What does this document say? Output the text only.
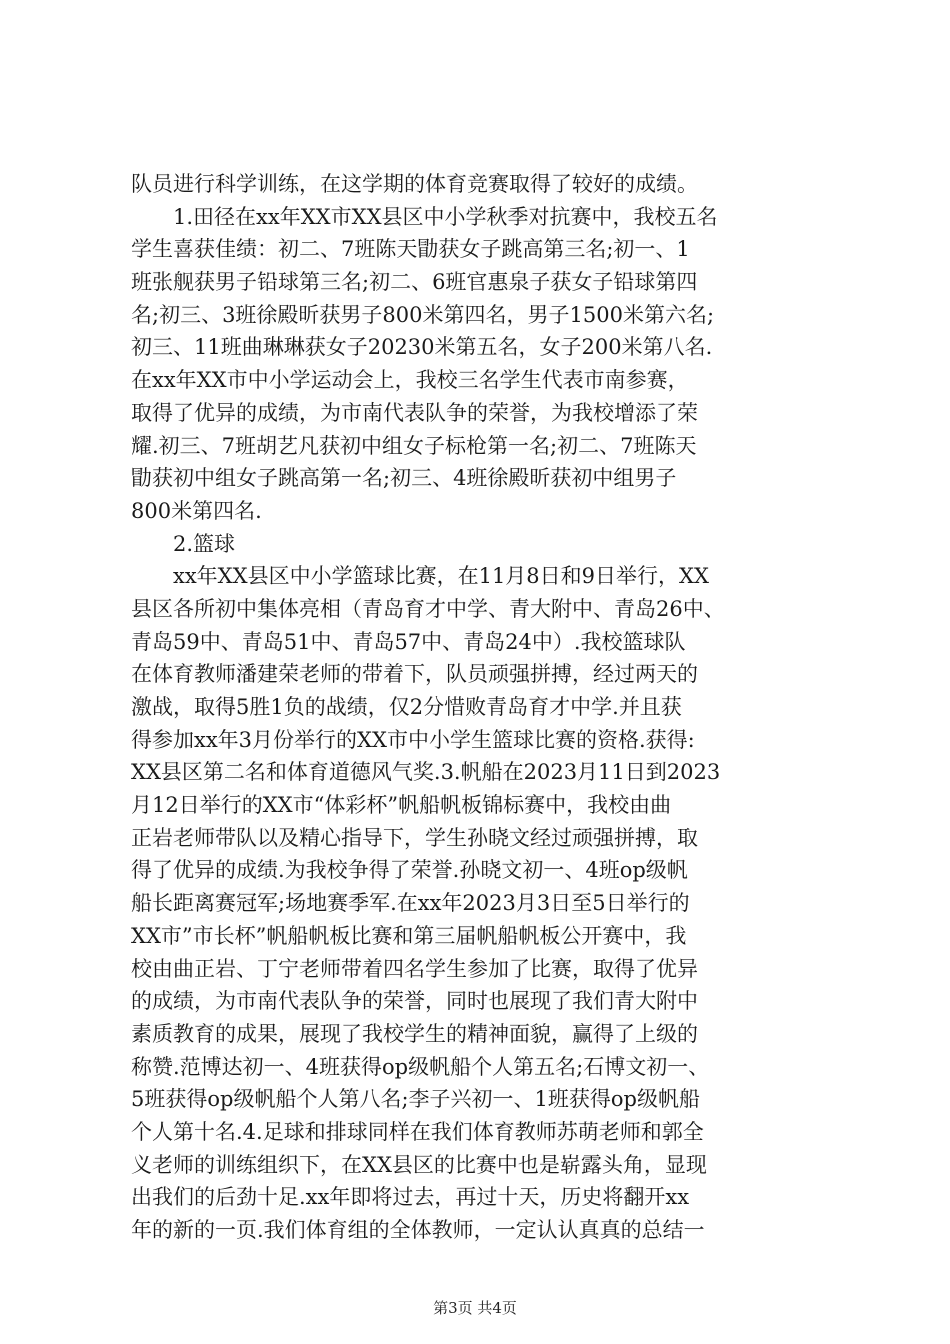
队员进行科学训练，在这学期的体育竞赛取得了较好的成绩。
　　1.田径在xx年XX市XX县区中小学秋季对抗赛中，我校五名
学生喜获佳绩：初二、7班陈天勖获女子跳高第三名;初一、1
班张舰获男子铅球第三名;初二、6班官惠泉子获女子铅球第四
名;初三、3班徐殿昕获男子800米第四名，男子1500米第六名;
初三、11班曲琳琳获女子20230米第五名，女子200米第八名.
在xx年XX市中小学运动会上，我校三名学生代表市南参赛，
取得了优异的成绩，为市南代表队争的荣誉，为我校增添了荣
耀.初三、7班胡艺凡获初中组女子标枪第一名;初二、7班陈天
勖获初中组女子跳高第一名;初三、4班徐殿昕获初中组男子
800米第四名.
　　2.篮球
　　xx年XX县区中小学篮球比赛，在11月8日和9日举行，XX
县区各所初中集体亮相（青岛育才中学、青大附中、青岛26中、
青岛59中、青岛51中、青岛57中、青岛24中）.我校篮球队
在体育教师潘建荣老师的带着下，队员顽强拼搏，经过两天的
激战，取得5胜1负的战绩，仅2分惜败青岛育才中学.并且获
得参加xx年3月份举行的XX市中小学生篮球比赛的资格.获得:
XX县区第二名和体育道德风气奖.3.帆船在2023月11日到2023
月12日举行的XX市“体彩杯”帆船帆板锦标赛中，我校由曲
正岩老师带队以及精心指导下，学生孙晓文经过顽强拼搏，取
得了优异的成绩.为我校争得了荣誉.孙晓文初一、4班op级帆
船长距离赛冠军;场地赛季军.在xx年2023月3日至5日举行的
XX市”市长杯”帆船帆板比赛和第三届帆船帆板公开赛中，我
校由曲正岩、丁宁老师带着四名学生参加了比赛，取得了优异
的成绩，为市南代表队争的荣誉，同时也展现了我们青大附中
素质教育的成果，展现了我校学生的精神面貌，赢得了上级的
称赞.范博达初一、4班获得op级帆船个人第五名;石博文初一、
5班获得op级帆船个人第八名;李子兴初一、1班获得op级帆船
个人第十名.4.足球和排球同样在我们体育教师苏萌老师和郭全
义老师的训练组织下，在XX县区的比赛中也是崭露头角，显现
出我们的后劲十足.xx年即将过去，再过十天，历史将翻开xx
年的新的一页.我们体育组的全体教师，一定认认真真的总结一
第3页 共4页
